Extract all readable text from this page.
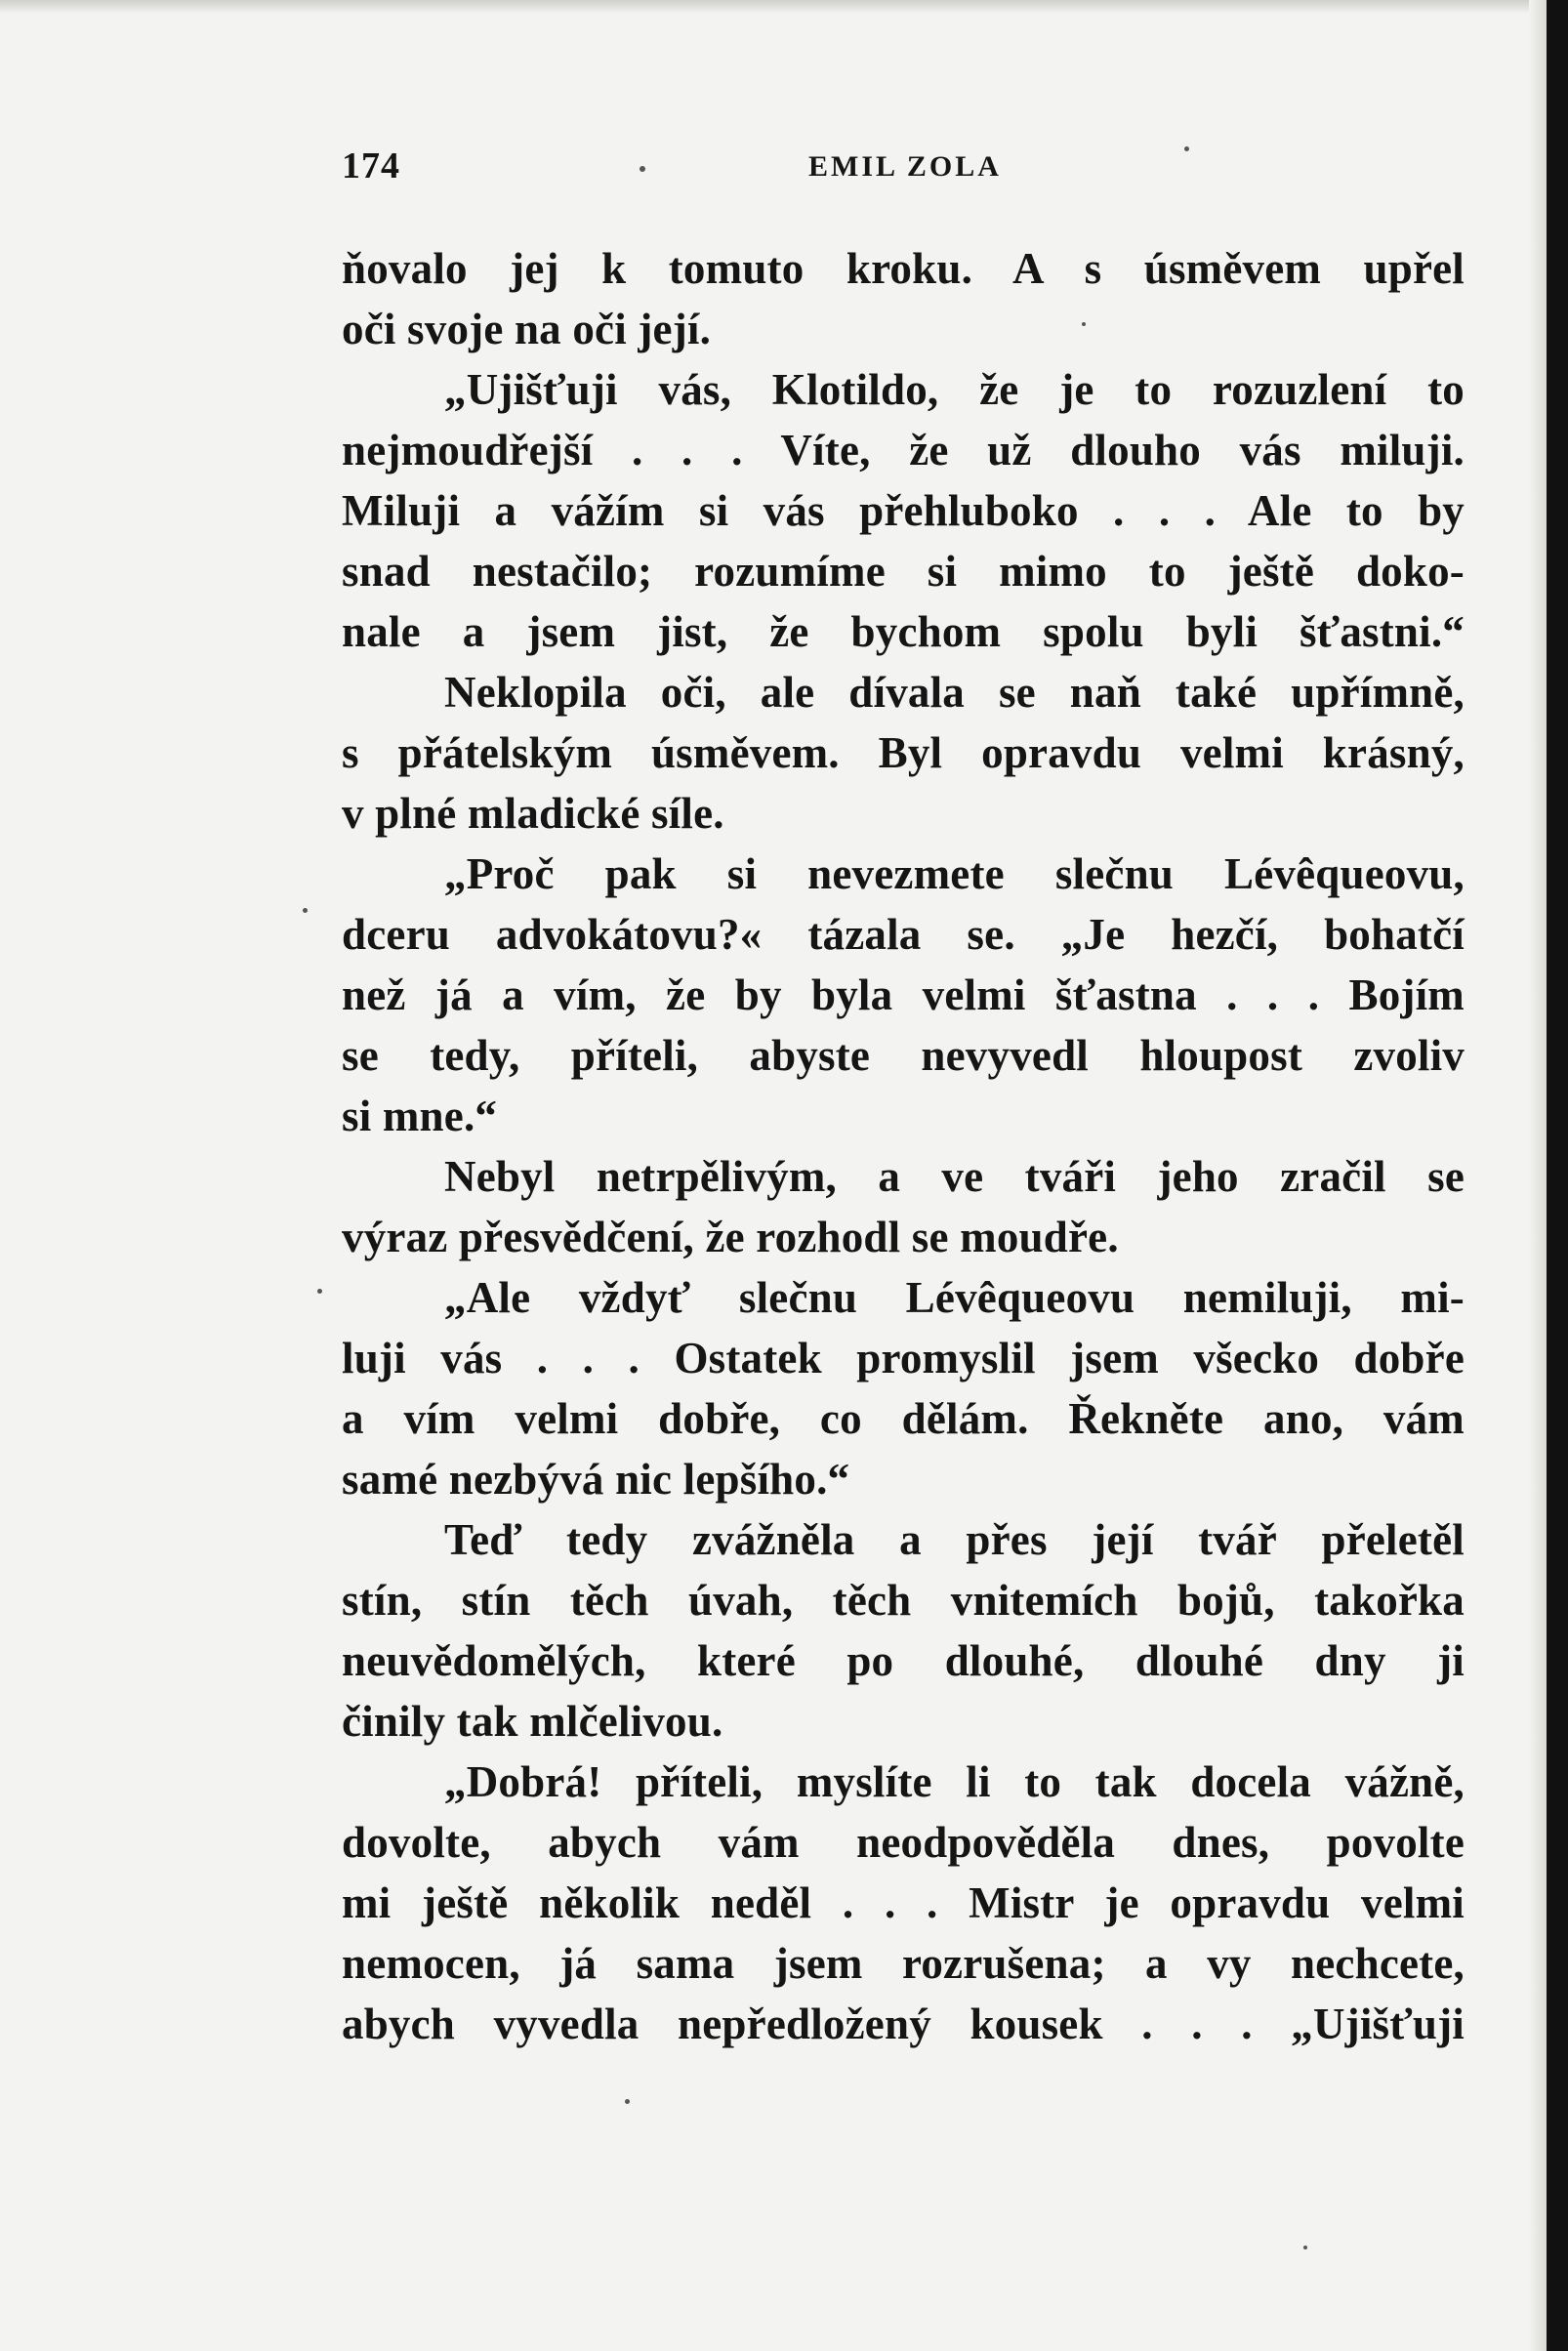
174	EMIL ZOLA
ňovalo jej k tomuto kroku. A s úsměvem upřel
oči svoje na oči její.
„Ujišťuji vás, Klotildo, že je to rozuzlení to
nejmoudřejší . . . Víte, že už dlouho vás miluji.
Miluji a vážím si vás přehluboko . . . Ale to by
snad nestačilo; rozumíme si mimo to ještě doko-
nale a jsem jist, že bychom spolu byli šťastni.“
Neklopila oči, ale dívala se naň také upřímně,
s přátelským úsměvem. Byl opravdu velmi krásný,
v plné mladické síle.
„Proč pak si nevezmete slečnu Lévêqueovu,
dceru advokátovu?« tázala se. „Je hezčí, bohatčí
než já a vím, že by byla velmi šťastna . . . Bojím
se tedy, příteli, abyste nevyvedl hloupost zvoliv
si mne.“
Nebyl netrpělivým, a ve tváři jeho zračil se
výraz přesvědčení, že rozhodl se moudře.
„Ale vždyť slečnu Lévêqueovu nemiluji, mi-
luji vás . . . Ostatek promyslil jsem všecko dobře
a vím velmi dobře, co dělám. Řekněte ano, vám
samé nezbývá nic lepšího.“
Teď tedy zvážněla a přes její tvář přeletěl
stín, stín těch úvah, těch vnitemích bojů, takořka
neuvědomělých, které po dlouhé, dlouhé dny ji
činily tak mlčelivou.
„Dobrá! příteli, myslíte li to tak docela vážně,
dovolte, abych vám neodpověděla dnes, povolte
mi ještě několik neděl . . . Mistr je opravdu velmi
nemocen, já sama jsem rozrušena; a vy nechcete,
abych vyvedla nepředložený kousek . . . „Ujišťuji
